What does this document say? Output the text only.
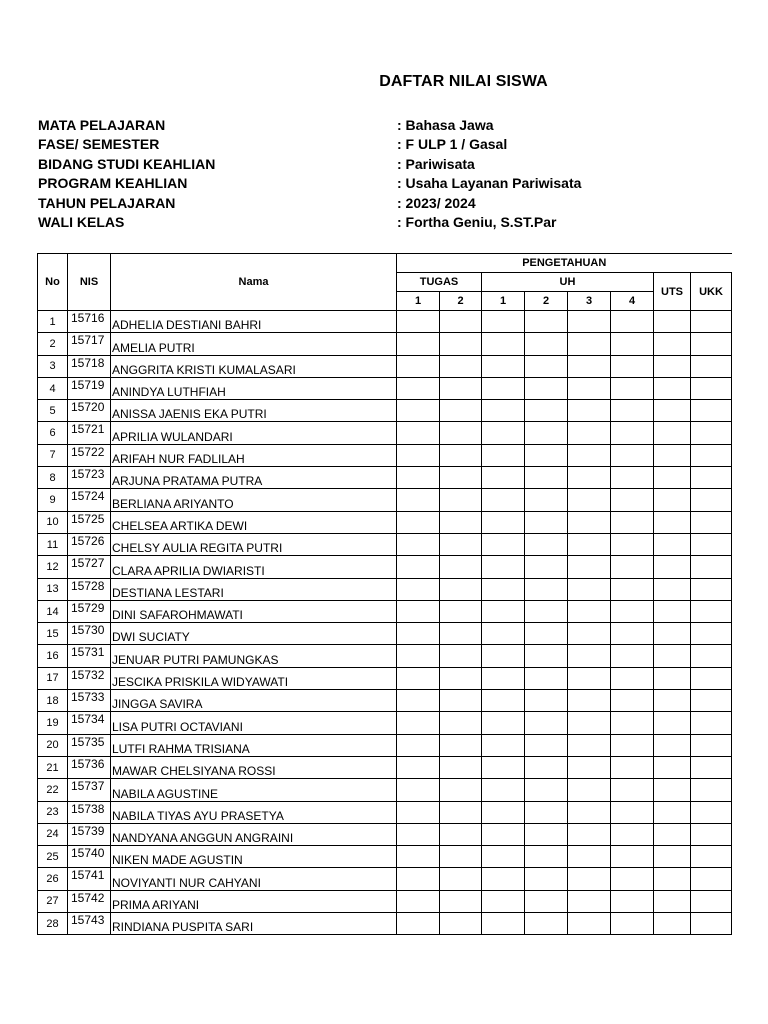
DAFTAR NILAI SISWA
MATA PELAJARAN	: Bahasa Jawa
FASE/ SEMESTER	: F ULP 1 / Gasal
BIDANG STUDI KEAHLIAN	: Pariwisata
PROGRAM KEAHLIAN	: Usaha Layanan Pariwisata
TAHUN PELAJARAN	: 2023/ 2024
WALI KELAS	: Fortha Geniu, S.ST.Par
No	NIS	Nama	PENGETAHUAN							
			TUGAS		UH				UTS	UKK
			1	2	1	2	3	4		
1	15716	ADHELIA DESTIANI BAHRI								
2	15717	AMELIA PUTRI								
3	15718	ANGGRITA KRISTI KUMALASARI								
4	15719	ANINDYA LUTHFIAH								
5	15720	ANISSA JAENIS EKA PUTRI								
6	15721	APRILIA WULANDARI								
7	15722	ARIFAH NUR FADLILAH								
8	15723	ARJUNA PRATAMA PUTRA								
9	15724	BERLIANA ARIYANTO								
10	15725	CHELSEA ARTIKA DEWI								
11	15726	CHELSY AULIA REGITA PUTRI								
12	15727	CLARA APRILIA DWIARISTI								
13	15728	DESTIANA LESTARI								
14	15729	DINI SAFAROHMAWATI								
15	15730	DWI SUCIATY								
16	15731	JENUAR PUTRI PAMUNGKAS								
17	15732	JESCIKA PRISKILA WIDYAWATI								
18	15733	JINGGA SAVIRA								
19	15734	LISA PUTRI OCTAVIANI								
20	15735	LUTFI RAHMA TRISIANA								
21	15736	MAWAR CHELSIYANA ROSSI								
22	15737	NABILA AGUSTINE								
23	15738	NABILA TIYAS AYU PRASETYA								
24	15739	NANDYANA ANGGUN ANGRAINI								
25	15740	NIKEN MADE AGUSTIN								
26	15741	NOVIYANTI NUR CAHYANI								
27	15742	PRIMA ARIYANI								
28	15743	RINDIANA PUSPITA SARI								
